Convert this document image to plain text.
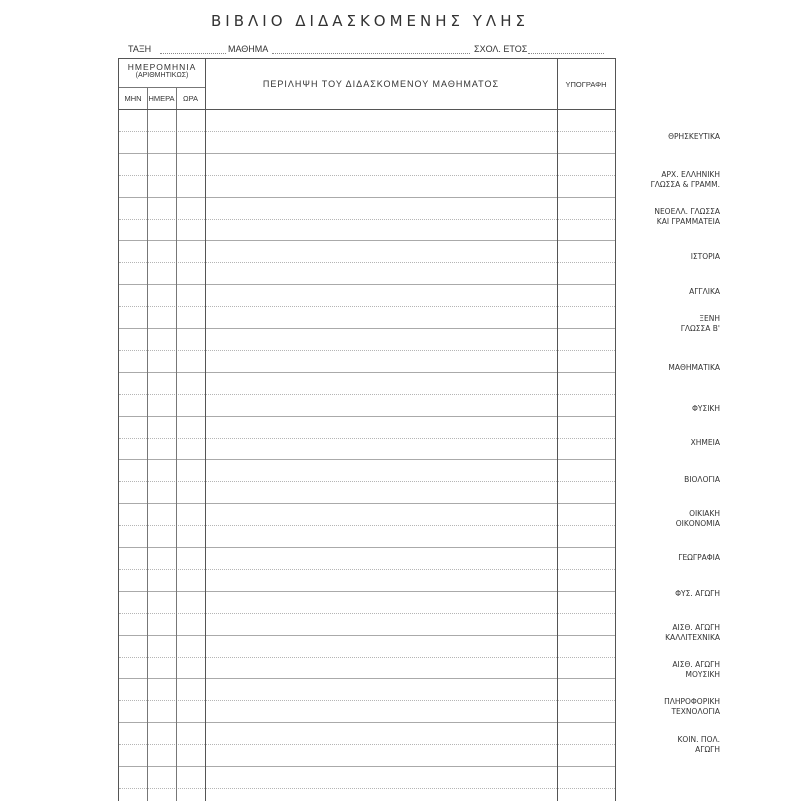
ΒΙΒΛΙΟ ΔΙΔΑΣΚΟΜΕΝΗΣ ΥΛΗΣ
ΤΑΞΗ	ΜΑΘΗΜΑ	ΣΧΟΛ. ΕΤΟΣ
ΗΜΕΡΟΜΗΝΙΑ
(ΑΡΙΘΜΗΤΙΚΩΣ)
ΜΗΝ ΗΜΕΡΑ	ΩΡΑ
ΠΕΡΙΛΗΨΗ ΤΟΥ ΔΙΔΑΣΚΟΜΕΝΟΥ ΜΑΘΗΜΑΤΟΣ	ΥΠΟΓΡΑΦΗ
ΘΡΗΣΚΕΥΤΙΚΑ
ΑΡΧ. ΕΛΛΗΝΙΚΗ
ΓΛΩΣΣΑ & ΓΡΑΜΜ.
ΝΕΟΕΛΛ. ΓΛΩΣΣΑ
ΚΑΙ ΓΡΑΜΜΑΤΕΙΑ
ΙΣΤΟΡΙΑ
ΑΓΓΛΙΚΑ
ΞΕΝΗ
ΓΛΩΣΣΑ Β'
ΜΑΘΗΜΑΤΙΚΑ
ΦΥΣΙΚΗ
ΧΗΜΕΙΑ
ΒΙΟΛΟΓΙΑ
ΟΙΚΙΑΚΗ
ΟΙΚΟΝΟΜΙΑ
ΓΕΩΓΡΑΦΙΑ
ΦΥΣ. ΑΓΩΓΗ
ΑΙΣΘ. ΑΓΩΓΗ
ΚΑΛΛΙΤΕΧΝΙΚΑ
ΑΙΣΘ. ΑΓΩΓΗ
ΜΟΥΣΙΚΗ
ΠΛΗΡΟΦΟΡΙΚΗ
ΤΕΧΝΟΛΟΓΙΑ
ΚΟΙΝ. ΠΟΛ.
ΑΓΩΓΗ
